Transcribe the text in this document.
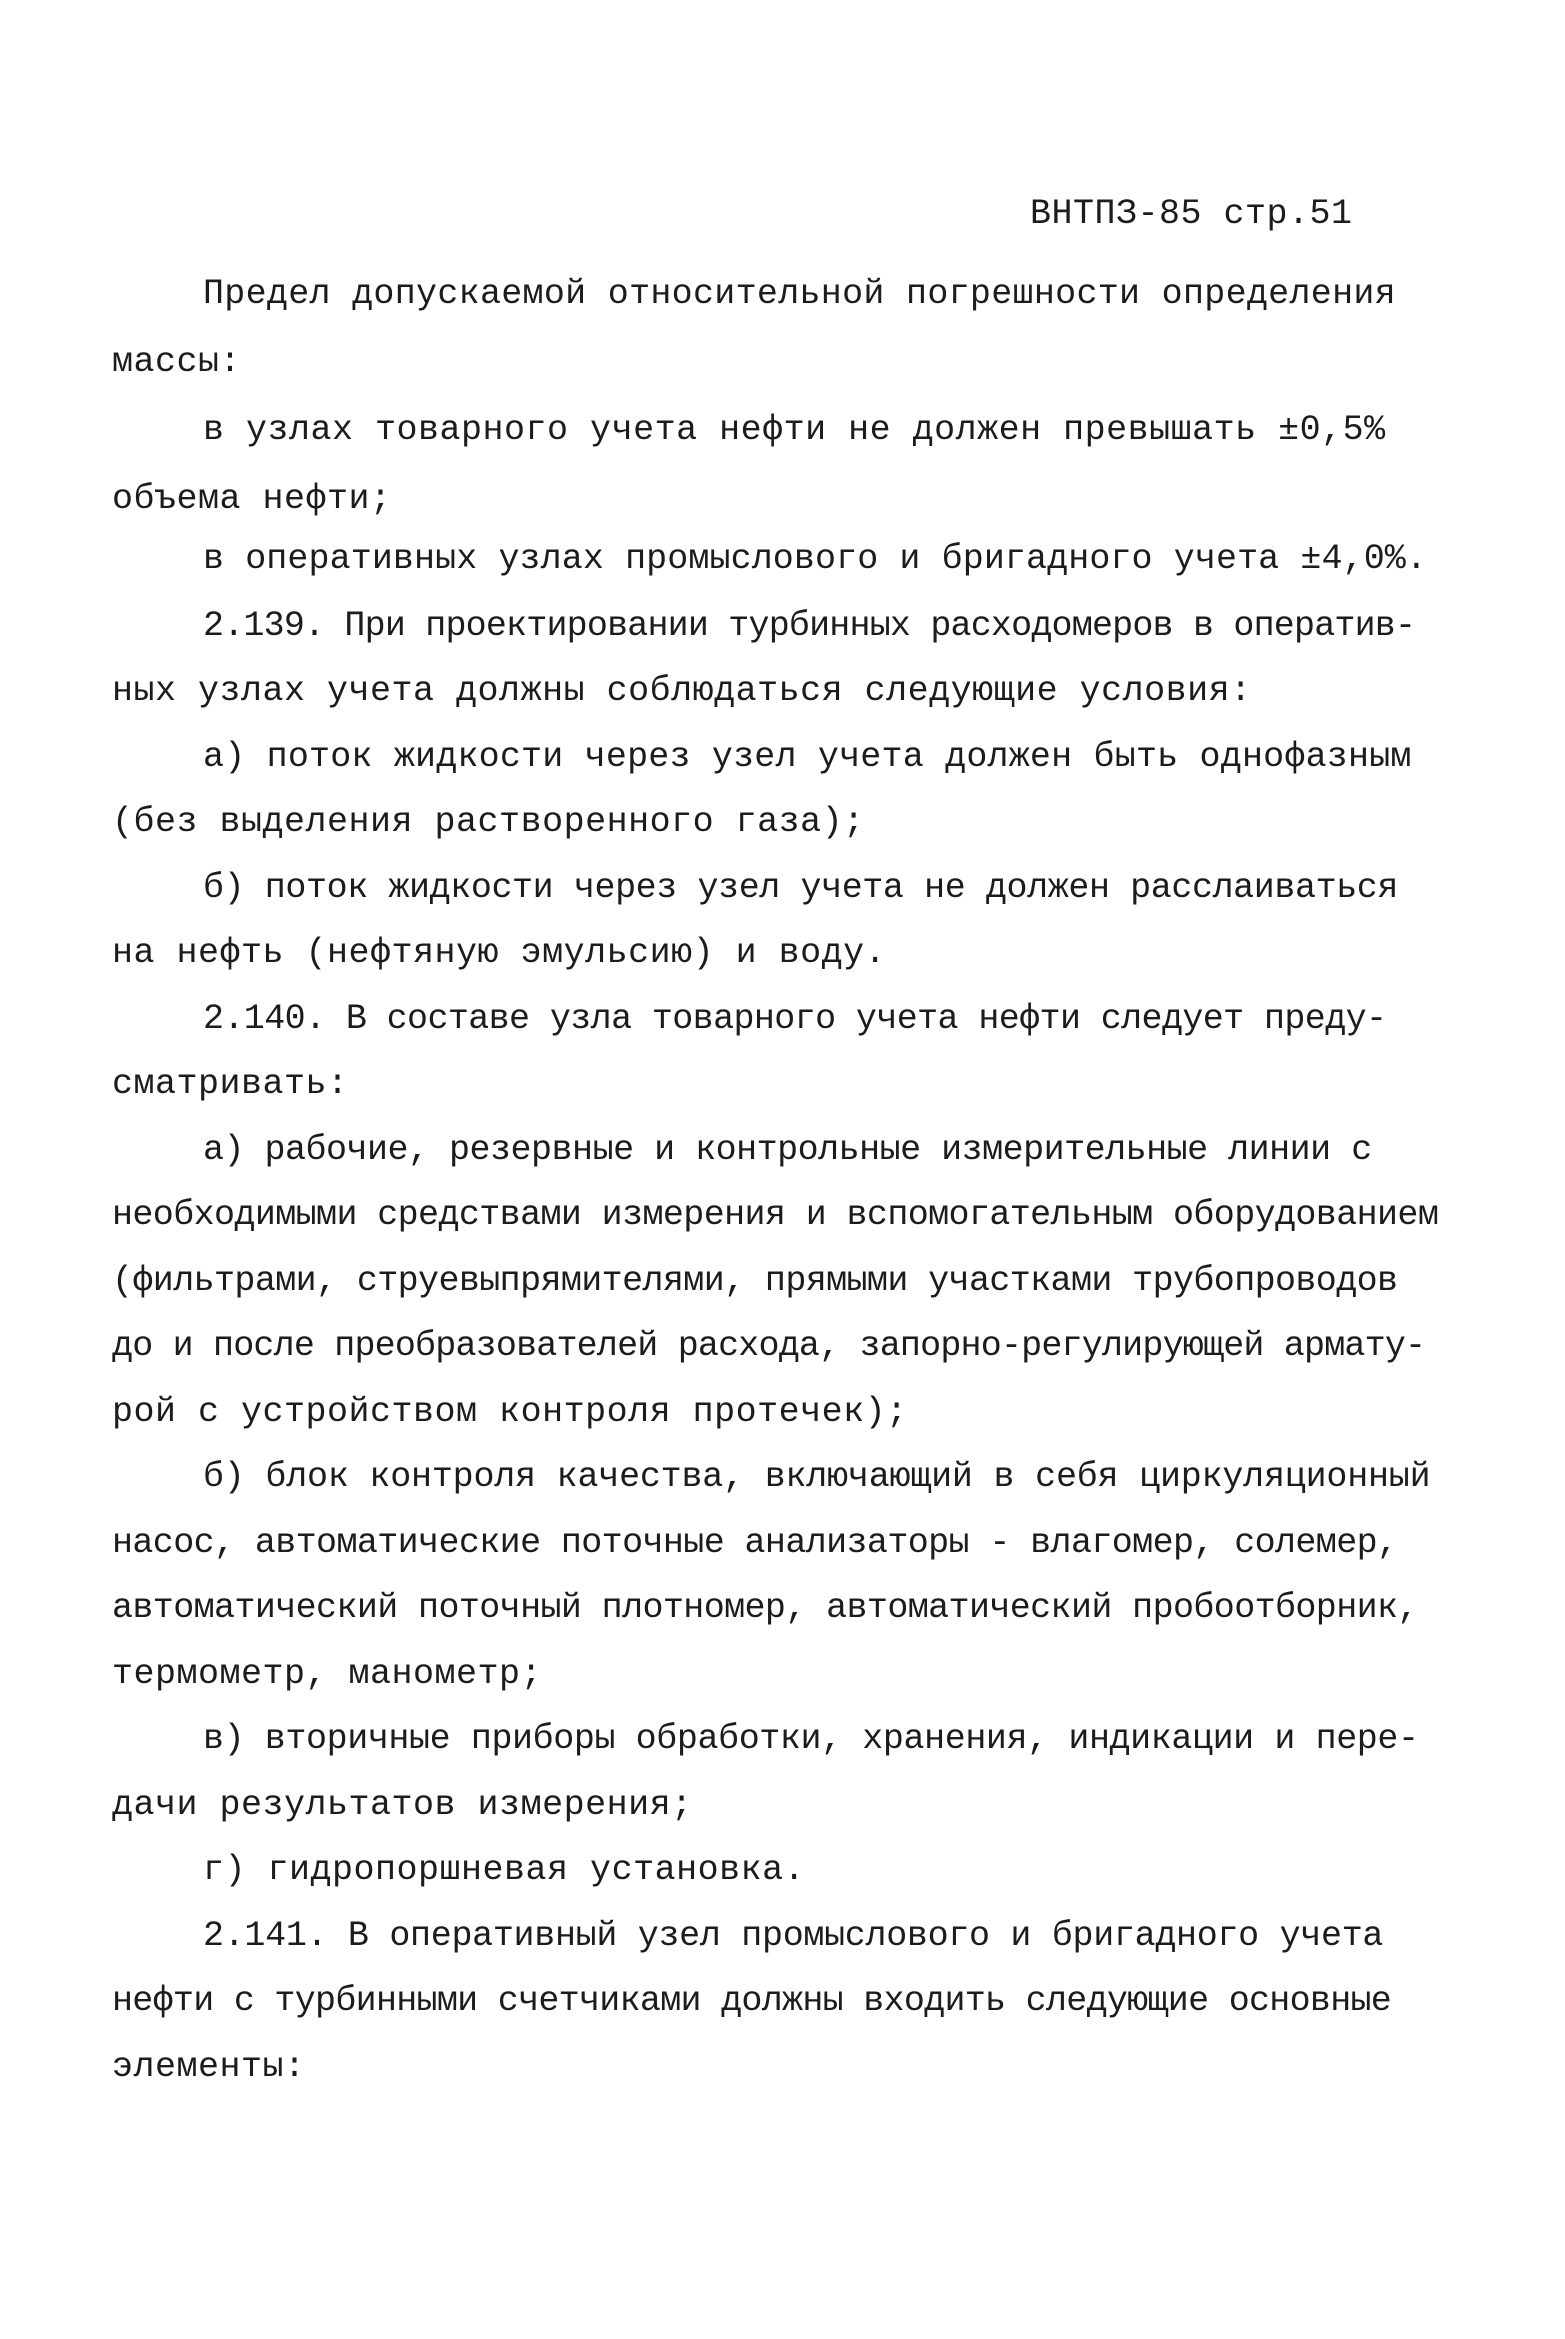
ВНТПЗ-85 стр.51
Предел допускаемой относительной погрешности определения
массы:
в узлах товарного учета нефти не должен превышать ±0,5%
объема нефти;
в оперативных узлах промыслового и бригадного учета ±4,0%.
2.139. При проектировании турбинных расходомеров в оператив-
ных узлах учета должны соблюдаться следующие условия:
а) поток жидкости через узел учета должен быть однофазным
(без выделения растворенного газа);
б) поток жидкости через узел учета не должен расслаиваться
на нефть (нефтяную эмульсию) и воду.
2.140. В составе узла товарного учета нефти следует преду-
сматривать:
а) рабочие, резервные и контрольные измерительные линии с
необходимыми средствами измерения и вспомогательным оборудованием
(фильтрами, струевыпрямителями, прямыми участками трубопроводов
до и после преобразователей расхода, запорно-регулирующей армату-
рой с устройством контроля протечек);
б) блок контроля качества, включающий в себя циркуляционный
насос, автоматические поточные анализаторы - влагомер, солемер,
автоматический поточный плотномер, автоматический пробоотборник,
термометр, манометр;
в) вторичные приборы обработки, хранения, индикации и пере-
дачи результатов измерения;
г) гидропоршневая установка.
2.141. В оперативный узел промыслового и бригадного учета
нефти с турбинными счетчиками должны входить следующие основные
элементы:
